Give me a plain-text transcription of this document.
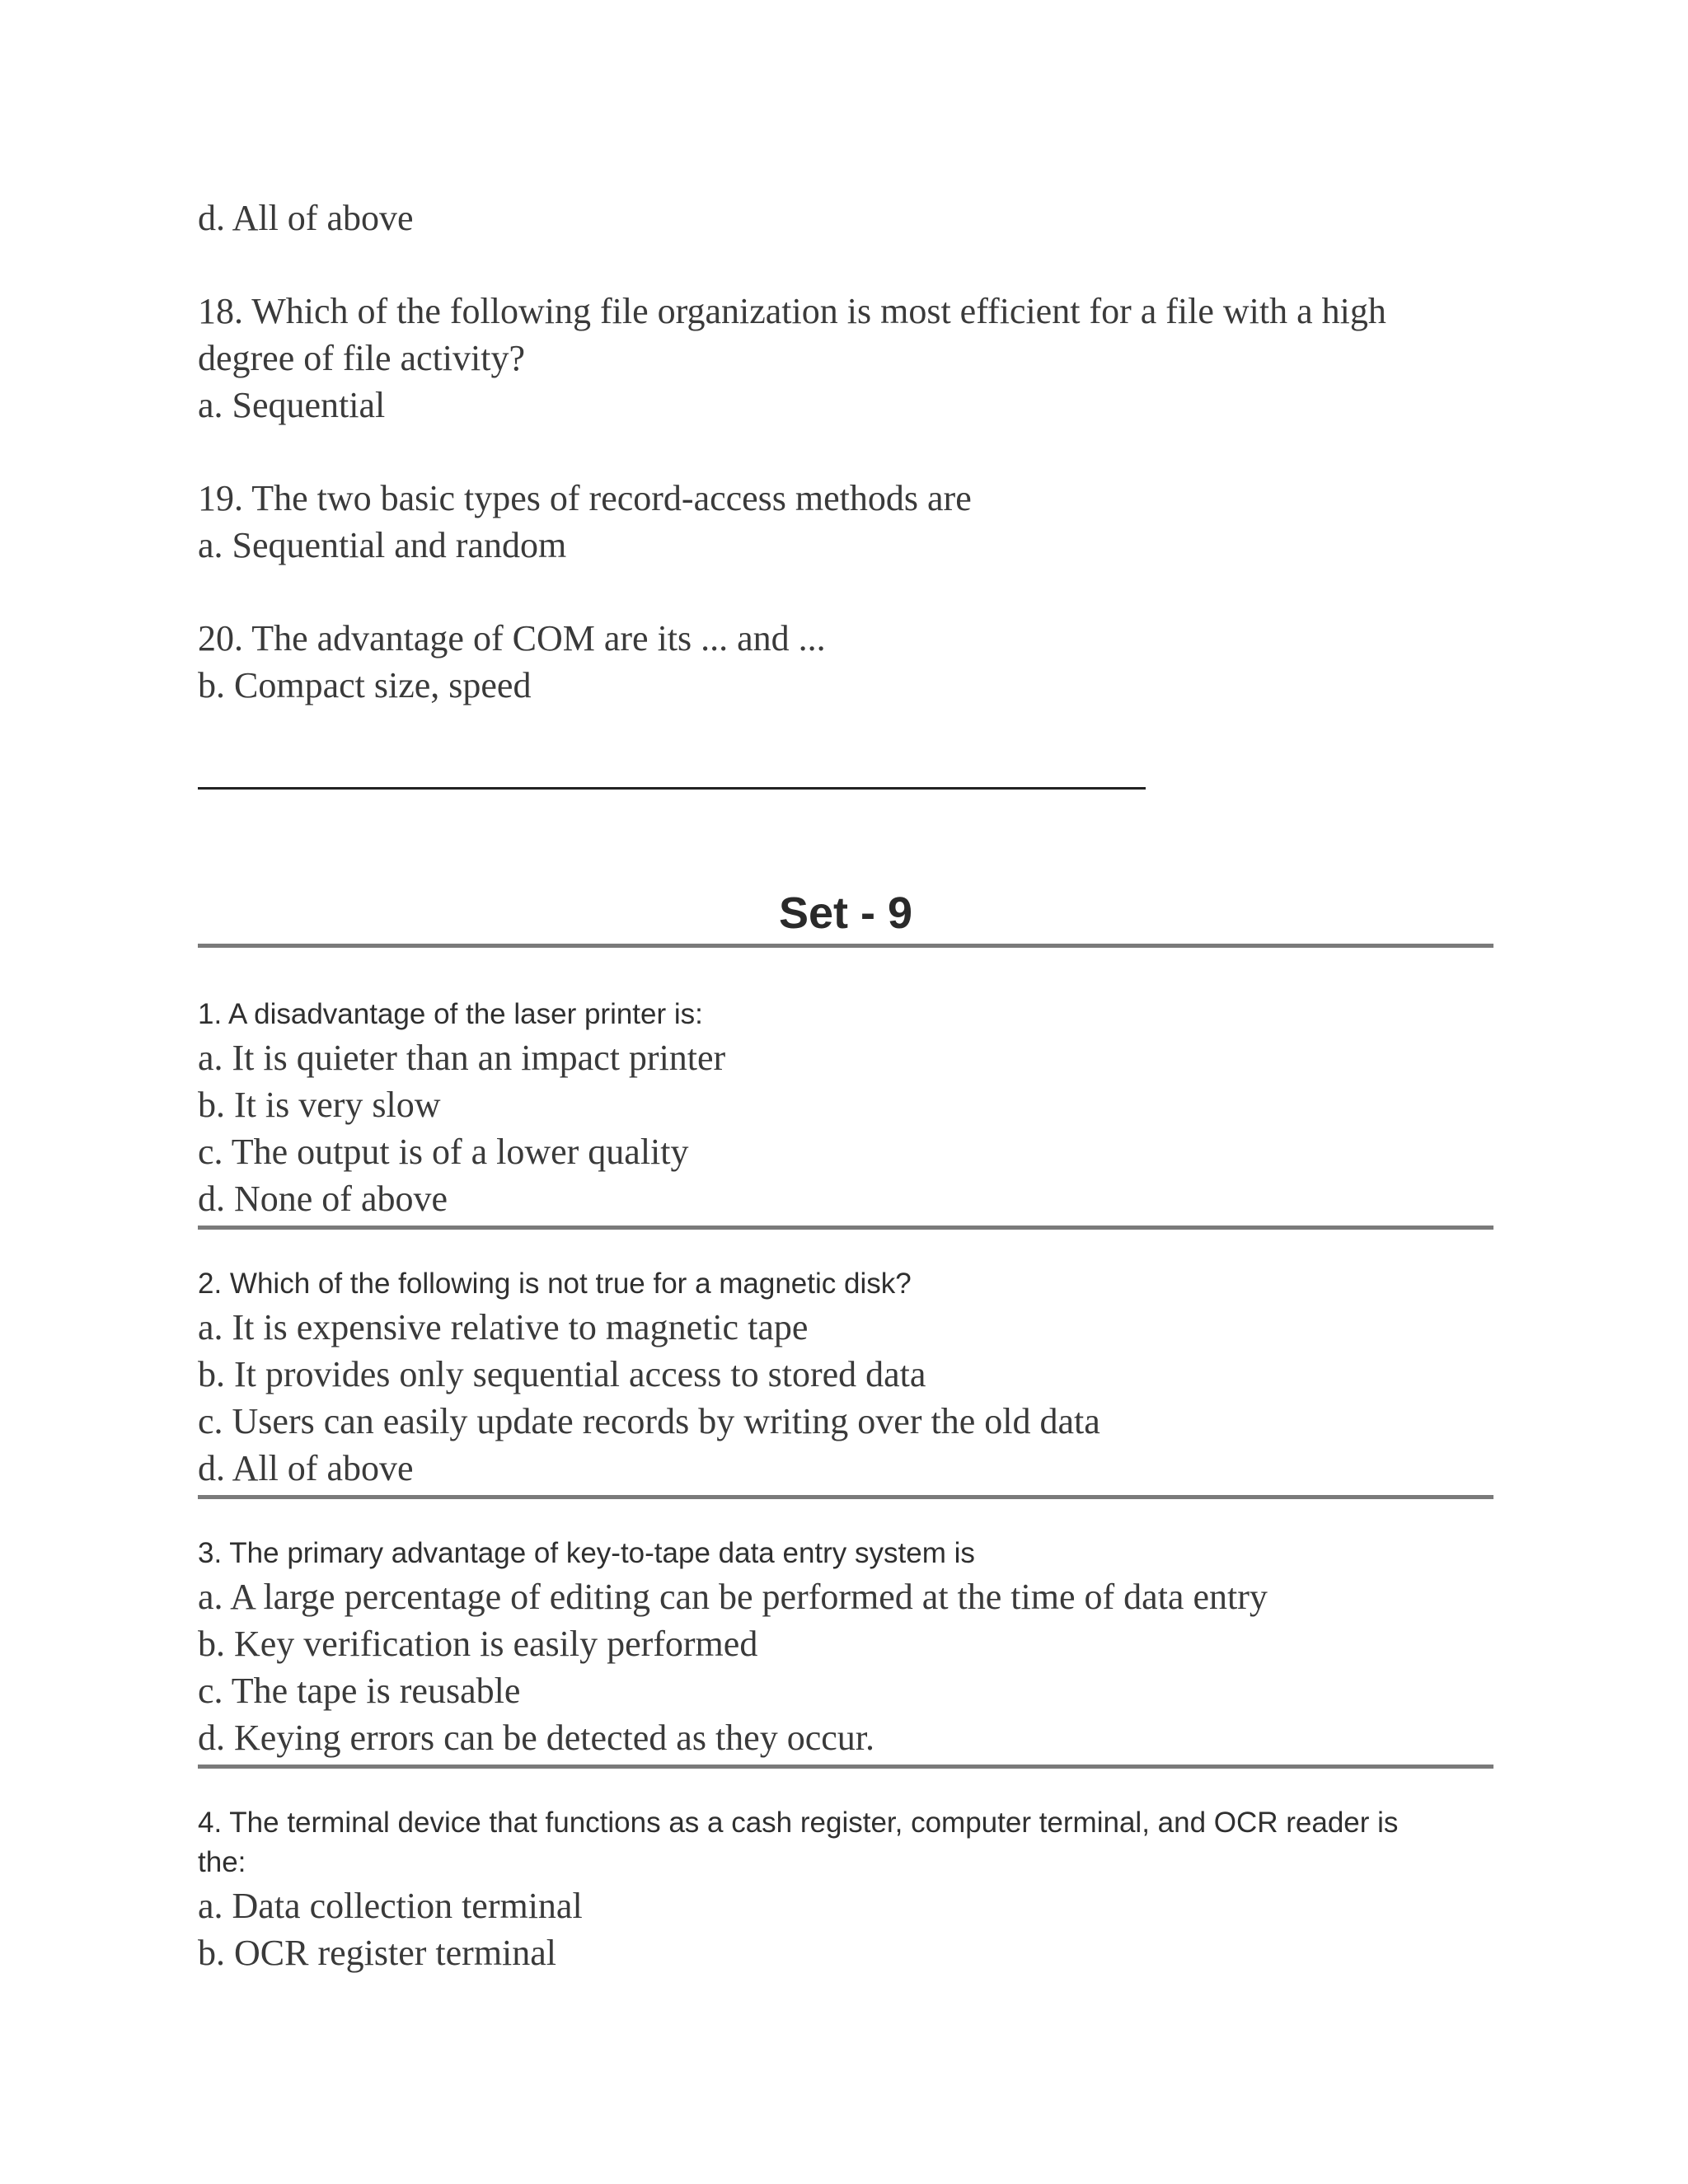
d. All of above
18. Which of the following file organization is most efficient for a file with a high
degree of file activity?
a. Sequential
19. The two basic types of record-access methods are
a. Sequential and random
20. The advantage of COM are its ... and ...
b. Compact size, speed
Set - 9
1. A disadvantage of the laser printer is:
a. It is quieter than an impact printer
b. It is very slow
c. The output is of a lower quality
d. None of above
2. Which of the following is not true for a magnetic disk?
a. It is expensive relative to magnetic tape
b. It provides only sequential access to stored data
c. Users can easily update records by writing over the old data
d. All of above
3. The primary advantage of key-to-tape data entry system is
a. A large percentage of editing can be performed at the time of data entry
b. Key verification is easily performed
c. The tape is reusable
d. Keying errors can be detected as they occur.
4. The terminal device that functions as a cash register, computer terminal, and OCR reader is
the:
a. Data collection terminal
b. OCR register terminal
